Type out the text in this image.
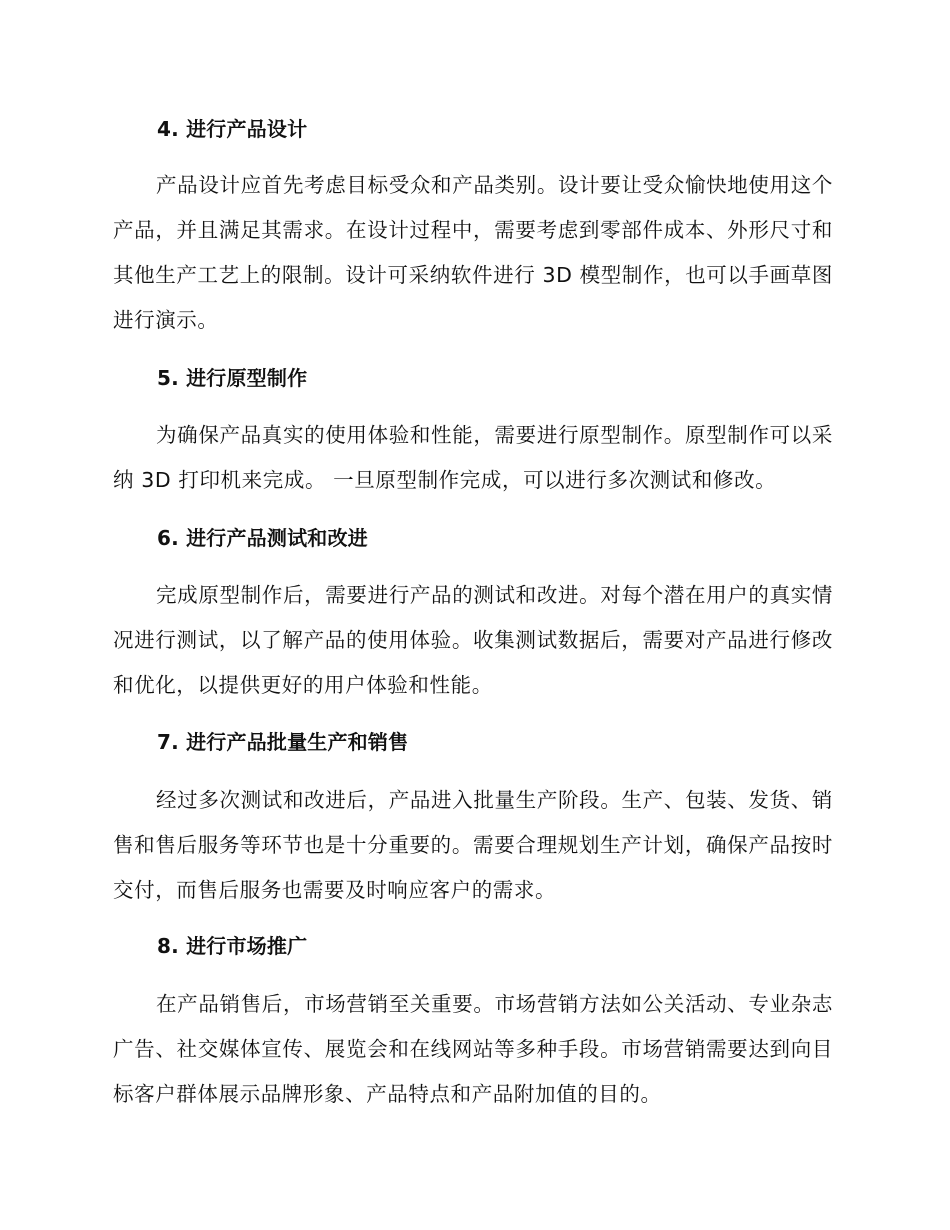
4. 进行产品设计

产品设计应首先考虑目标受众和产品类别。设计要让受众愉快地使用这个产品，并且满足其需求。在设计过程中，需要考虑到零部件成本、外形尺寸和其他生产工艺上的限制。设计可采纳软件进行 3D 模型制作，也可以手画草图进行演示。

5. 进行原型制作

为确保产品真实的使用体验和性能，需要进行原型制作。原型制作可以采纳 3D 打印机来完成。 一旦原型制作完成，可以进行多次测试和修改。

6. 进行产品测试和改进

完成原型制作后，需要进行产品的测试和改进。对每个潜在用户的真实情况进行测试，以了解产品的使用体验。收集测试数据后，需要对产品进行修改和优化，以提供更好的用户体验和性能。

7. 进行产品批量生产和销售

经过多次测试和改进后，产品进入批量生产阶段。生产、包装、发货、销售和售后服务等环节也是十分重要的。需要合理规划生产计划，确保产品按时交付，而售后服务也需要及时响应客户的需求。

8. 进行市场推广

在产品销售后，市场营销至关重要。市场营销方法如公关活动、专业杂志广告、社交媒体宣传、展览会和在线网站等多种手段。市场营销需要达到向目标客户群体展示品牌形象、产品特点和产品附加值的目的。
